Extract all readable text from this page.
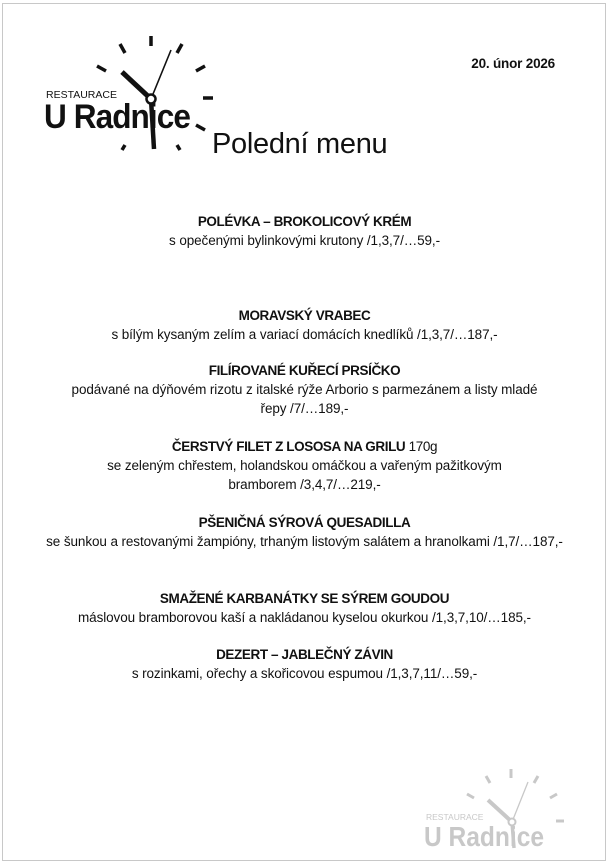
RESTAURACE
U Radnice
20. únor 2026
Polední menu
POLÉVKA – BROKOLICOVÝ KRÉM
s opečenými bylinkovými krutony /1,3,7/…59,-
MORAVSKÝ VRABEC
s bílým kysaným zelím a variací domácích knedlíků /1,3,7/…187,-
FILÍROVANÉ KUŘECÍ PRSÍČKO
podávané na dýňovém rizotu z italské rýže Arborio s parmezánem a listy mladé řepy /7/…189,-
ČERSTVÝ FILET Z LOSOSA NA GRILU 170g
se zeleným chřestem, holandskou omáčkou a vařeným pažitkovým bramborem /3,4,7/…219,-
PŠENIČNÁ SÝROVÁ QUESADILLA
se šunkou a restovanými žampióny, trhaným listovým salátem a hranolkami /1,7/…187,-
SMAŽENÉ KARBANÁTKY SE SÝREM GOUDOU
máslovou bramborovou kaší a nakládanou kyselou okurkou /1,3,7,10/…185,-
DEZERT – JABLEČNÝ ZÁVIN
s rozinkami, ořechy a skořicovou espumou /1,3,7,11/…59,-
RESTAURACE
U Radnice
